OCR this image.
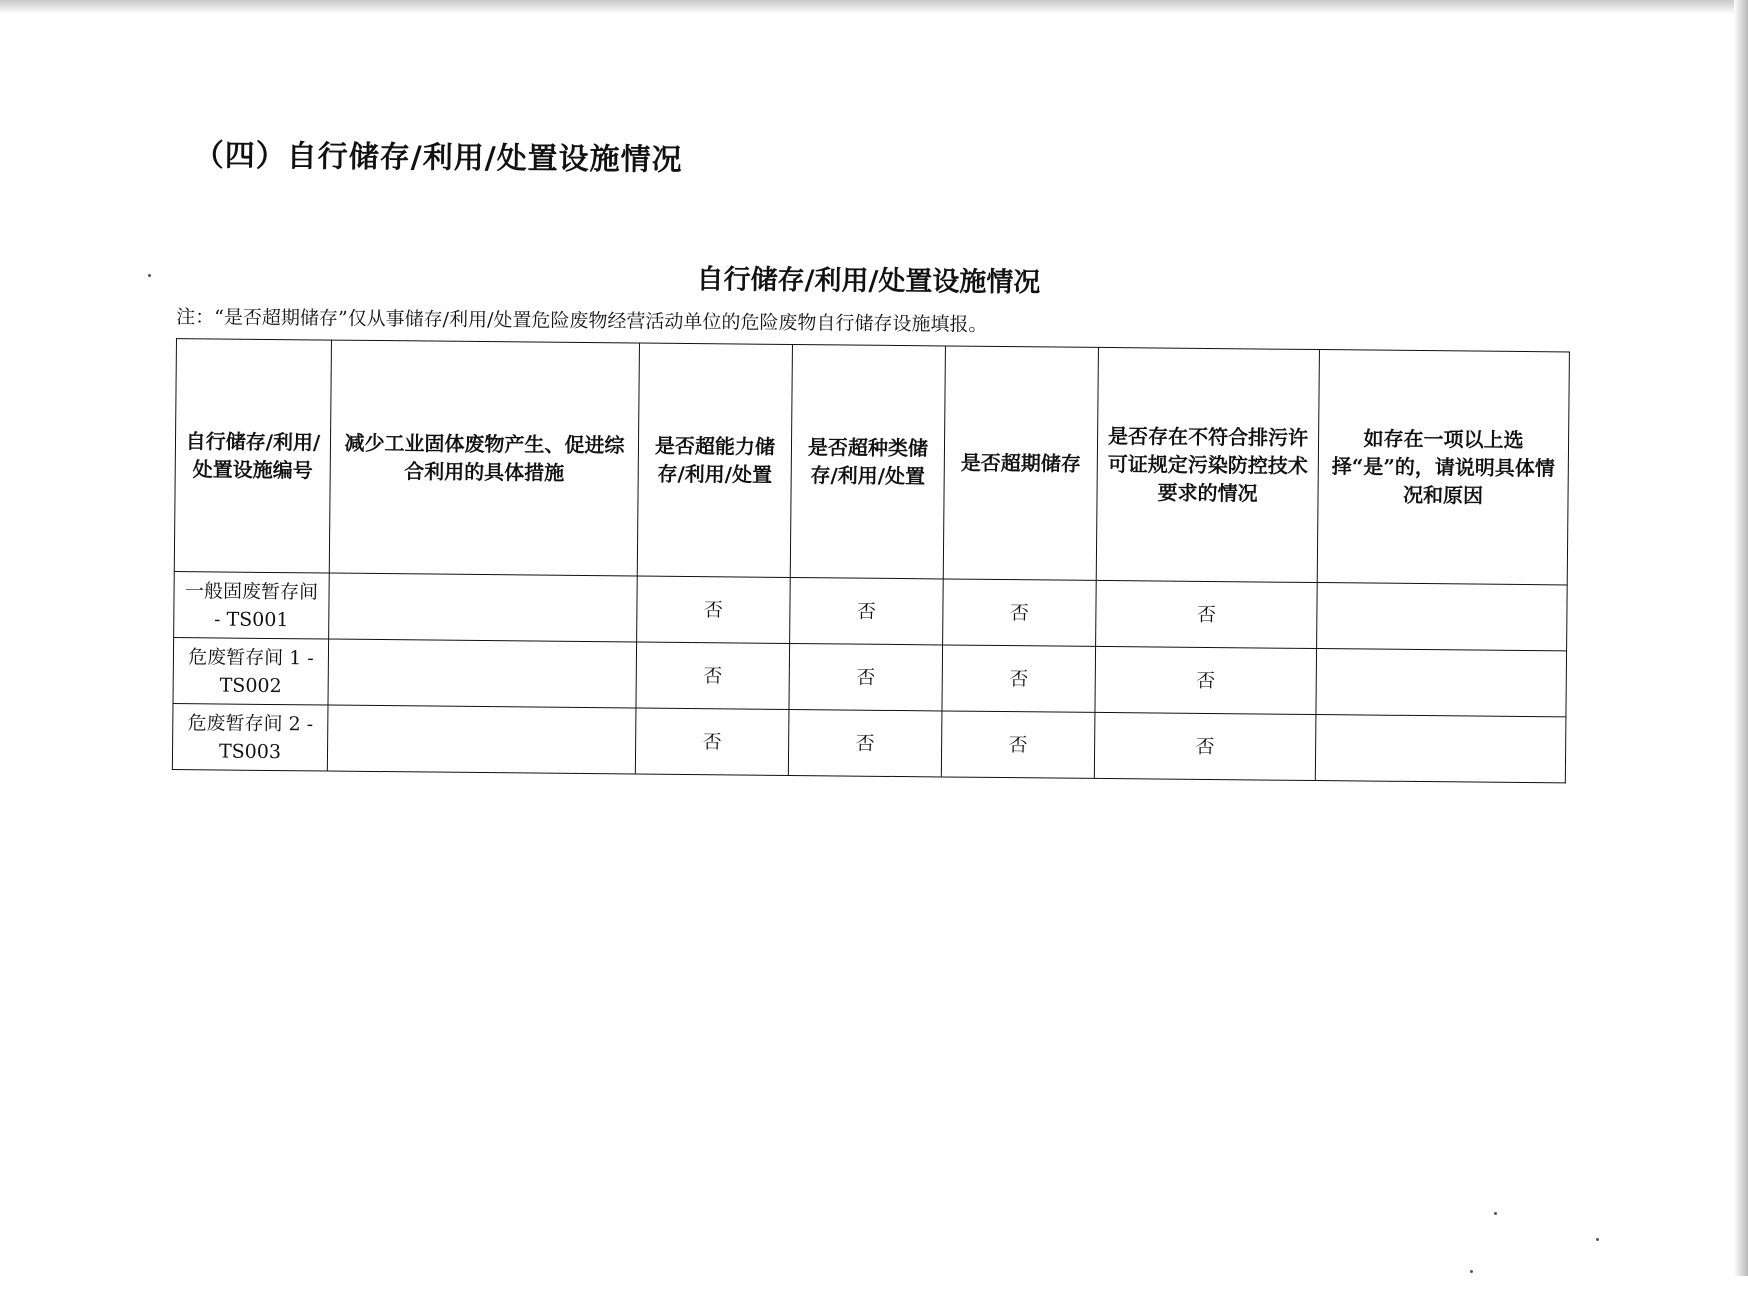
（四）自行储存/利用/处置设施情况
自行储存/利用/处置设施情况
注：“是否超期储存”仅从事储存/利用/处置危险废物经营活动单位的危险废物自行储存设施填报。
自行储存/利用/处置设施编号	减少工业固体废物产生、促进综合利用的具体措施	是否超能力储存/利用/处置	是否超种类储存/利用/处置	是否超期储存	是否存在不符合排污许可证规定污染防控技术要求的情况	如存在一项以上选择“是”的，请说明具体情况和原因
一般固废暂存间 - TS001		否	否	否	否	
危废暂存间 1 - TS002		否	否	否	否	
危废暂存间 2 - TS003		否	否	否	否	
